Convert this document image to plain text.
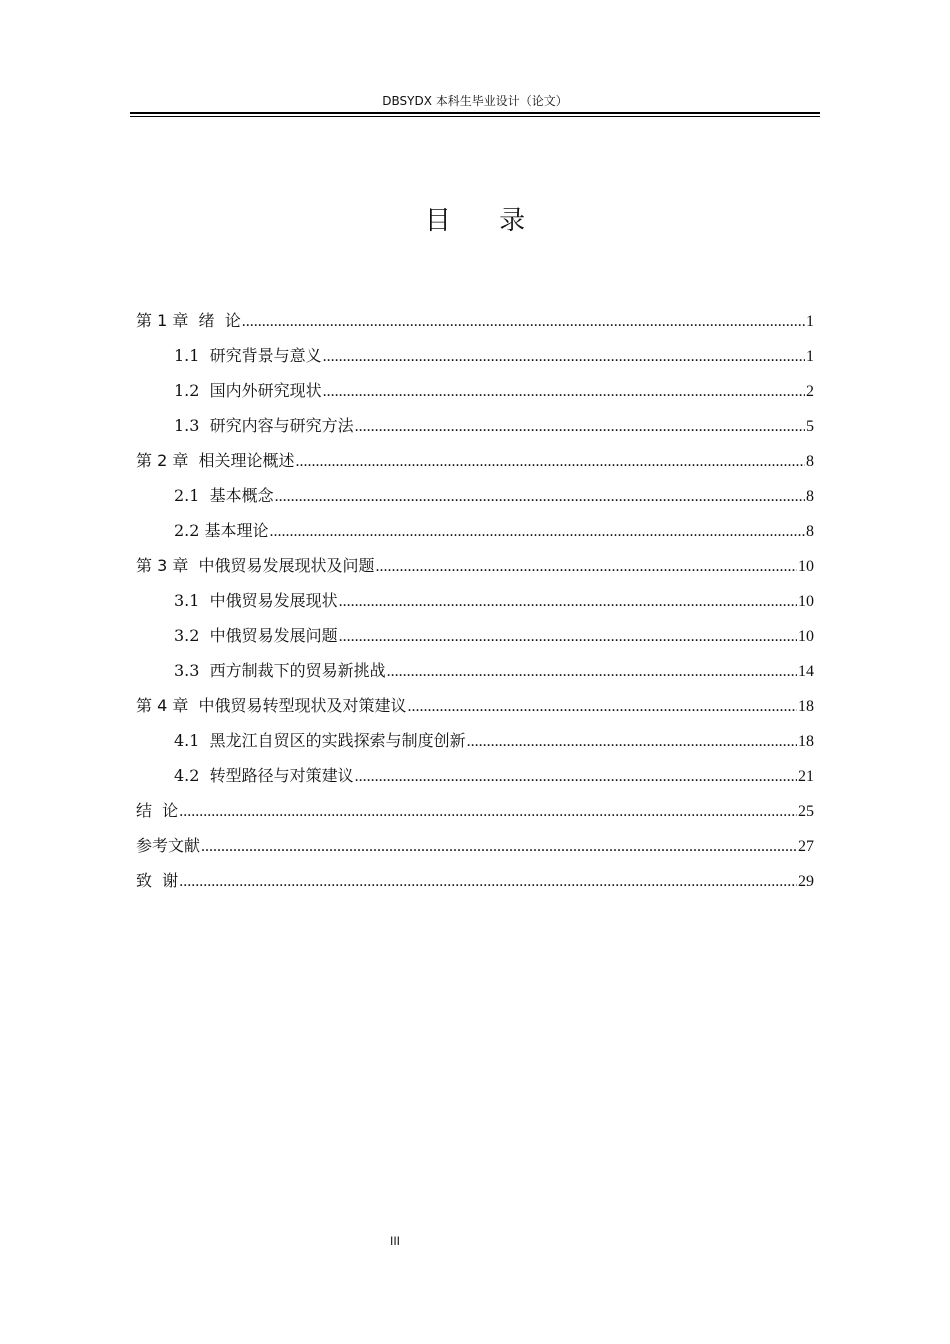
DBSYDX 本科生毕业设计（论文）
目 录
第 1 章  绪  论 .....	1
1.1  研究背景与意义 .....	1
1.2  国内外研究现状 .....	2
1.3  研究内容与研究方法 .....	5
第 2 章  相关理论概述 .....	8
2.1  基本概念 .....	8
2.2 基本理论 .....	8
第 3 章  中俄贸易发展现状及问题 .....	10
3.1  中俄贸易发展现状 .....	10
3.2  中俄贸易发展问题 .....	10
3.3  西方制裁下的贸易新挑战 .....	14
第 4 章  中俄贸易转型现状及对策建议 .....	18
4.1  黑龙江自贸区的实践探索与制度创新 .....	18
4.2  转型路径与对策建议 .....	21
结  论 .....	25
参考文献 .....	27
致  谢 .....	29
III
